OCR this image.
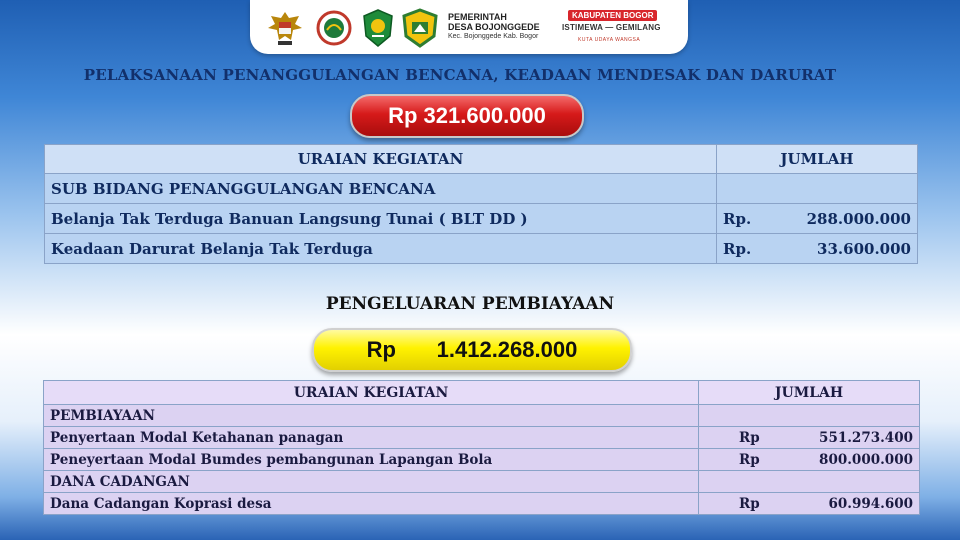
PEMERINTAH
DESA BOJONGGEDE
Kec. Bojonggede Kab. Bogor
KABUPATEN BOGOR
ISTIMEWA — GEMILANG
KUTA UDAYA WANGSA
PELAKSANAAN PENANGGULANGAN BENCANA, KEADAAN MENDESAK DAN DARURAT
Rp 321.600.000
URAIAN KEGIATAN	JUMLAH
SUB BIDANG PENANGGULANGAN BENCANA	
Belanja Tak Terduga Banuan Langsung Tunai ( BLT DD )	Rp. 288.000.000

Keadaan Darurat Belanja Tak Terduga	Rp. 33.600.000
PENGELUARAN PEMBIAYAAN
Rp 1.412.268.000
URAIAN KEGIATAN	JUMLAH
PEMBIAYAAN	
Penyertaan Modal Ketahanan panagan	Rp 551.273.400

Peneyertaan Modal Bumdes pembangunan Lapangan Bola	Rp 800.000.000

DANA CADANGAN	
Dana Cadangan Koprasi desa	Rp 60.994.600
